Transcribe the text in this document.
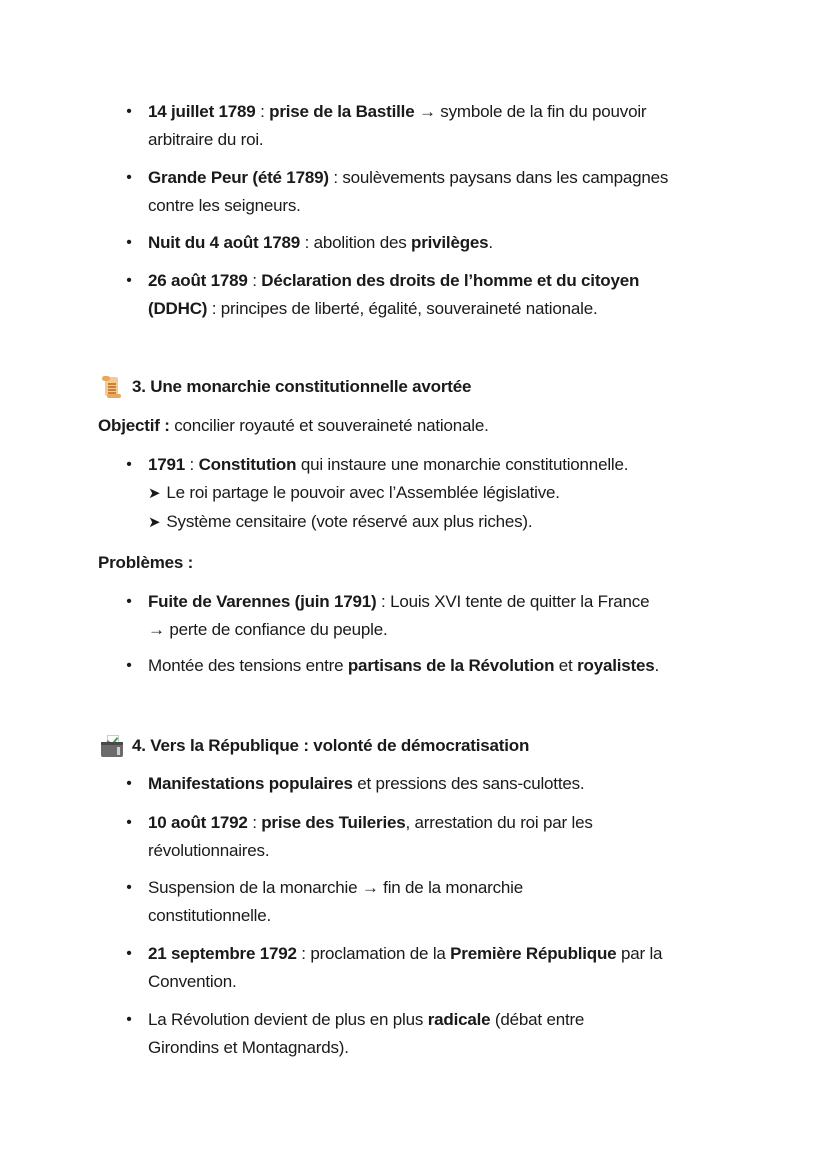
• 14 juillet 1789 : prise de la Bastille → symbole de la fin du pouvoir
arbitraire du roi.
• Grande Peur (été 1789) : soulèvements paysans dans les campagnes
contre les seigneurs.
• Nuit du 4 août 1789 : abolition des privilèges.
• 26 août 1789 : Déclaration des droits de l’homme et du citoyen
(DDHC) : principes de liberté, égalité, souveraineté nationale.
3. Une monarchie constitutionnelle avortée
Objectif : concilier royauté et souveraineté nationale.
• 1791 : Constitution qui instaure une monarchie constitutionnelle.
➤ Le roi partage le pouvoir avec l’Assemblée législative.
➤ Système censitaire (vote réservé aux plus riches).
Problèmes :
• Fuite de Varennes (juin 1791) : Louis XVI tente de quitter la France
→ perte de confiance du peuple.
• Montée des tensions entre partisans de la Révolution et royalistes.
4. Vers la République : volonté de démocratisation
• Manifestations populaires et pressions des sans-culottes.
• 10 août 1792 : prise des Tuileries, arrestation du roi par les
révolutionnaires.
• Suspension de la monarchie → fin de la monarchie
constitutionnelle.
• 21 septembre 1792 : proclamation de la Première République par la
Convention.
• La Révolution devient de plus en plus radicale (débat entre
Girondins et Montagnards).
